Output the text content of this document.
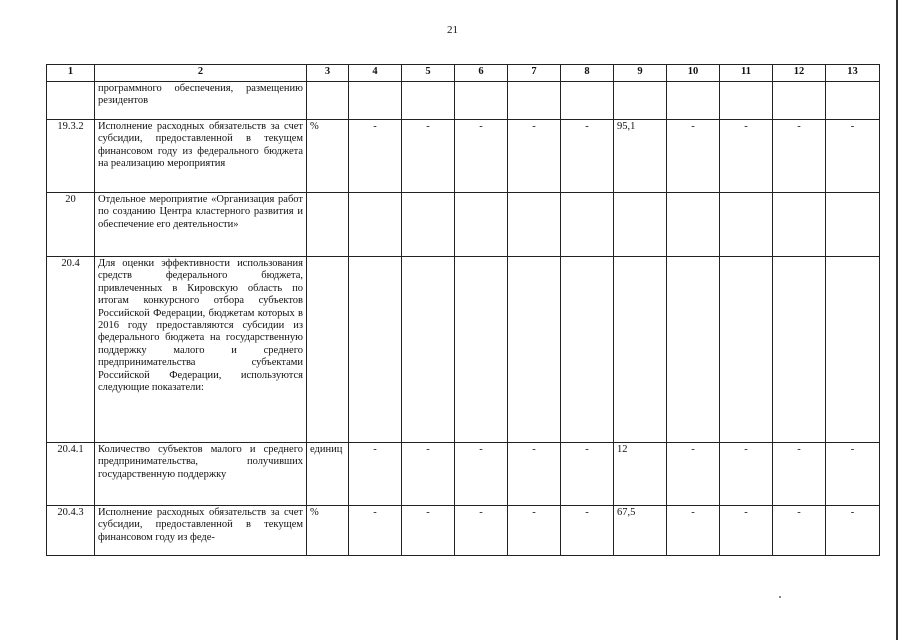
21
1	2	3	4	5	6	7	8	9	10	11	12	13
	программного обеспечения, размещению резидентов											
19.3.2	Исполнение расходных обязательств за счет субсидии, предоставленной в текущем финансовом году из федерального бюджета на реализацию мероприятия	%	-	-	-	-	-	95,1	-	-	-	-
20	Отдельное мероприятие «Организация работ по созданию Центра кластерного развития и обеспечение его деятельности»											
20.4	Для оценки эффективности использования средств федерального бюджета, привлеченных в Кировскую область по итогам конкурсного отбора субъектов Российской Федерации, бюджетам которых в 2016 году предоставляются субсидии из федерального бюджета на государственную поддержку малого и среднего предпринимательства субъектами Российской Федерации, используются следующие показатели:											
20.4.1	Количество субъектов малого и среднего предпринимательства, получивших государственную поддержку	единиц	-	-	-	-	-	12	-	-	-	-
20.4.3	Исполнение расходных обязательств за счет субсидии, предоставленной в текущем финансовом году из феде-	%	-	-	-	-	-	67,5	-	-	-	-
